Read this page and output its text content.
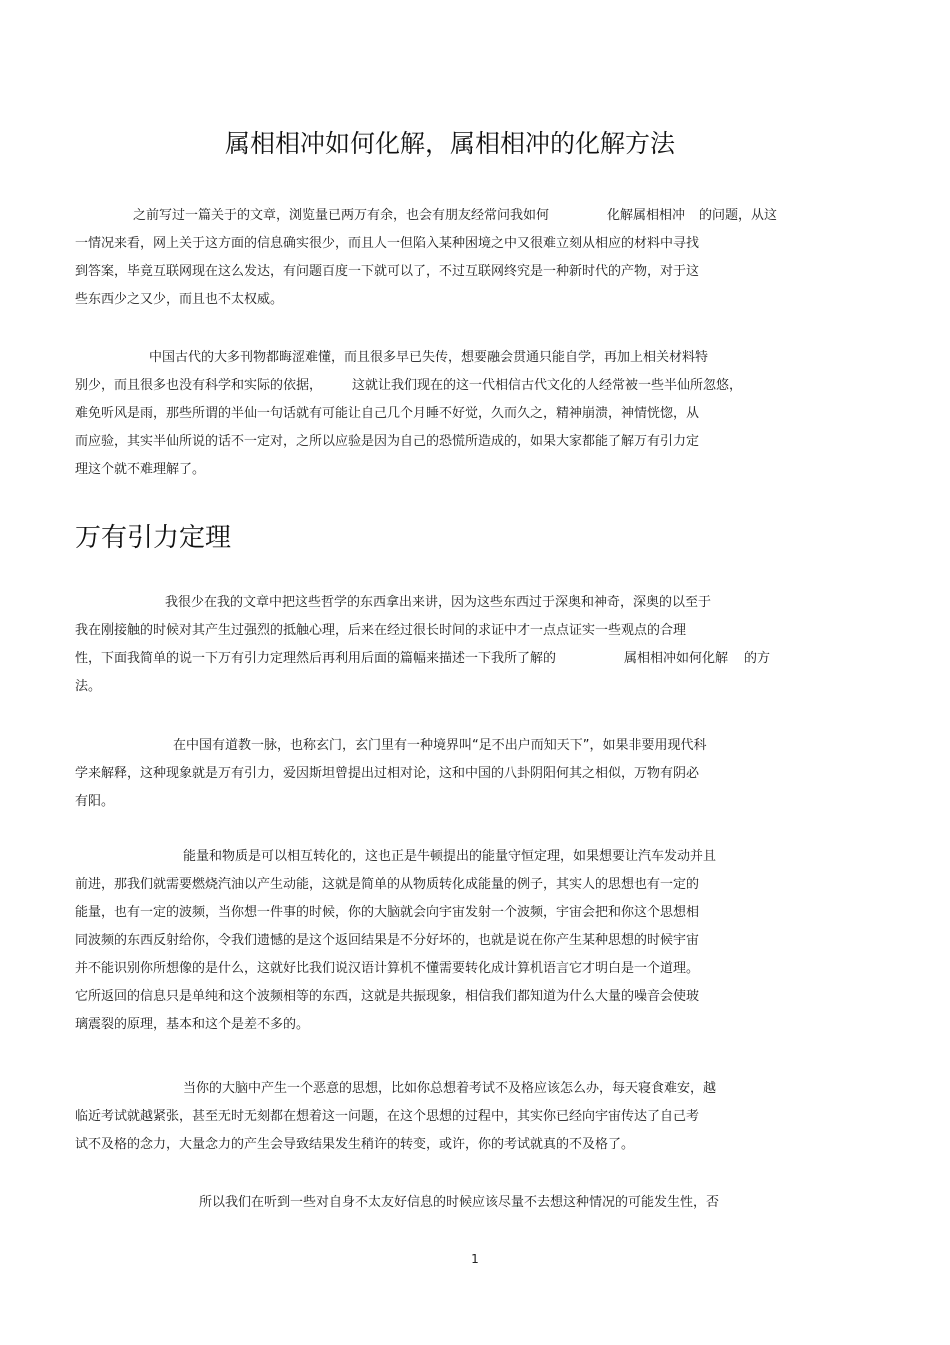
属相相冲如何化解，属相相冲的化解方法
之前写过一篇关于的文章，浏览量已两万有余，也会有朋友经常问我如何	化解属相相冲 的问题，从这
一情况来看，网上关于这方面的信息确实很少，而且人一但陷入某种困境之中又很难立刻从相应的材料中寻找
到答案，毕竟互联网现在这么发达，有问题百度一下就可以了，不过互联网终究是一种新时代的产物，对于这
些东西少之又少，而且也不太权威。
中国古代的大多刊物都晦涩难懂，而且很多早已失传，想要融会贯通只能自学，再加上相关材料特
别少，而且很多也没有科学和实际的依据， 这就让我们现在的这一代相信古代文化的人经常被一些半仙所忽悠，
难免听风是雨，那些所谓的半仙一句话就有可能让自己几个月睡不好觉，久而久之，精神崩溃，神情恍惚，从
而应验，其实半仙所说的话不一定对，之所以应验是因为自己的恐慌所造成的，如果大家都能了解万有引力定
理这个就不难理解了。
万有引力定理
我很少在我的文章中把这些哲学的东西拿出来讲，因为这些东西过于深奥和神奇，深奥的以至于
我在刚接触的时候对其产生过强烈的抵触心理，后来在经过很长时间的求证中才一点点证实一些观点的合理
性，下面我简单的说一下万有引力定理然后再利用后面的篇幅来描述一下我所了解的	属相相冲如何化解 的方
法。
在中国有道教一脉，也称玄门，玄门里有一种境界叫“足不出户而知天下”，如果非要用现代科
学来解释，这种现象就是万有引力，爱因斯坦曾提出过相对论，这和中国的八卦阴阳何其之相似，万物有阴必
有阳。
能量和物质是可以相互转化的，这也正是牛顿提出的能量守恒定理，如果想要让汽车发动并且
前进，那我们就需要燃烧汽油以产生动能，这就是简单的从物质转化成能量的例子，其实人的思想也有一定的
能量，也有一定的波频，当你想一件事的时候，你的大脑就会向宇宙发射一个波频，宇宙会把和你这个思想相
同波频的东西反射给你，令我们遗憾的是这个返回结果是不分好坏的，也就是说在你产生某种思想的时候宇宙
并不能识别你所想像的是什么，这就好比我们说汉语计算机不懂需要转化成计算机语言它才明白是一个道理。
它所返回的信息只是单纯和这个波频相等的东西，这就是共振现象，相信我们都知道为什么大量的噪音会使玻
璃震裂的原理，基本和这个是差不多的。
当你的大脑中产生一个恶意的思想，比如你总想着考试不及格应该怎么办，每天寝食难安，越
临近考试就越紧张，甚至无时无刻都在想着这一问题，在这个思想的过程中，其实你已经向宇宙传达了自己考
试不及格的念力，大量念力的产生会导致结果发生稍许的转变，或许，你的考试就真的不及格了。
所以我们在听到一些对自身不太友好信息的时候应该尽量不去想这种情况的可能发生性，否
1
